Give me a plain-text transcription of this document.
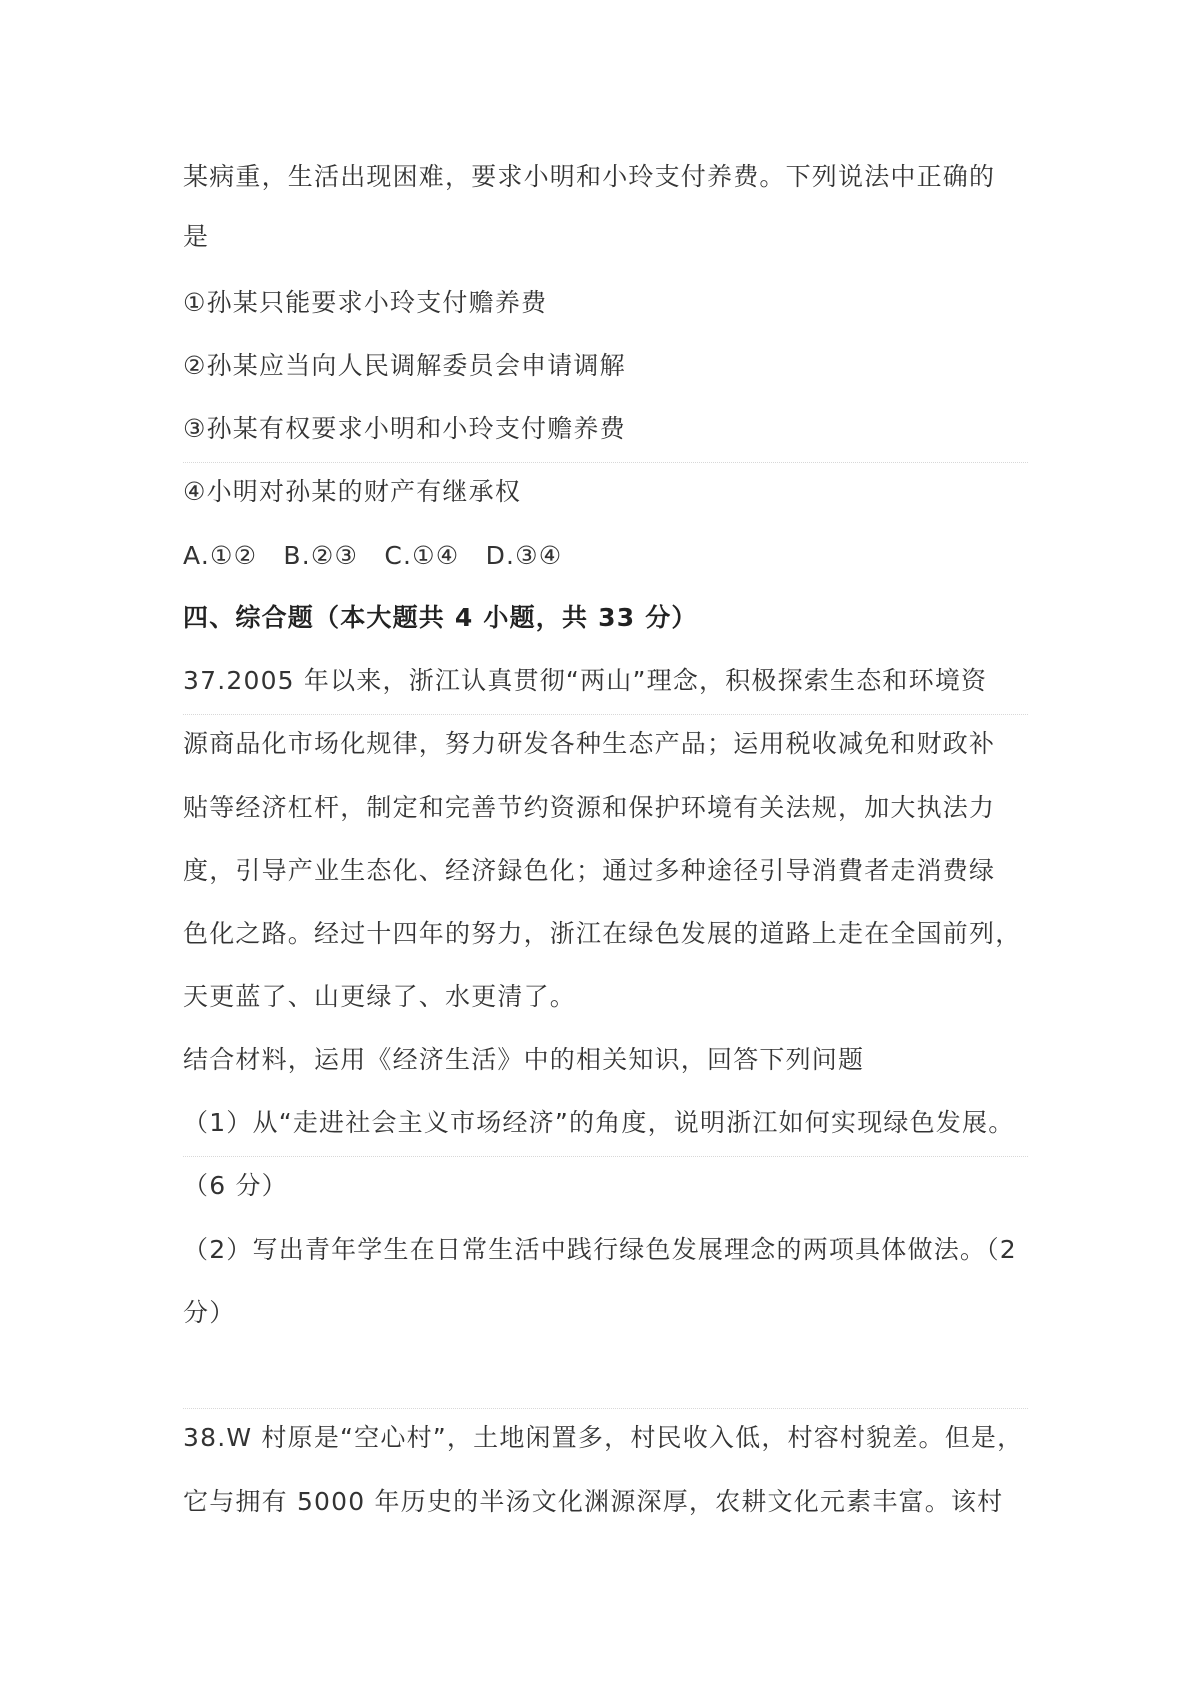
某病重，生活出现困难，要求小明和小玲支付养费。下列说法中正确的
是
①孙某只能要求小玲支付赡养费
②孙某应当向人民调解委员会申请调解
③孙某有权要求小明和小玲支付赡养费
④小明对孙某的财产有继承权
A.①②　B.②③　C.①④　D.③④
四、综合题（本大题共 4 小题，共 33 分）
37.2005 年以来，浙江认真贯彻“两山”理念，积极探索生态和环境资
源商品化市场化规律，努力研发各种生态产品；运用税收减免和财政补
贴等经济杠杆，制定和完善节约资源和保护环境有关法规，加大执法力
度，引导产业生态化、经济録色化；通过多种途径引导消費者走消费绿
色化之路。经过十四年的努力，浙江在绿色发展的道路上走在全国前列，
天更蓝了、山更绿了、水更清了。
结合材料，运用《经济生活》中的相关知识，回答下列问题
（1）从“走进社会主义市场经济”的角度，说明浙江如何实现绿色发展。
（6 分）
（2）写出青年学生在日常生活中践行绿色发展理念的两项具体做法。（2
分）
38.W 村原是“空心村”，土地闲置多，村民收入低，村容村貌差。但是，
它与拥有 5000 年历史的半汤文化渊源深厚，农耕文化元素丰富。该村
